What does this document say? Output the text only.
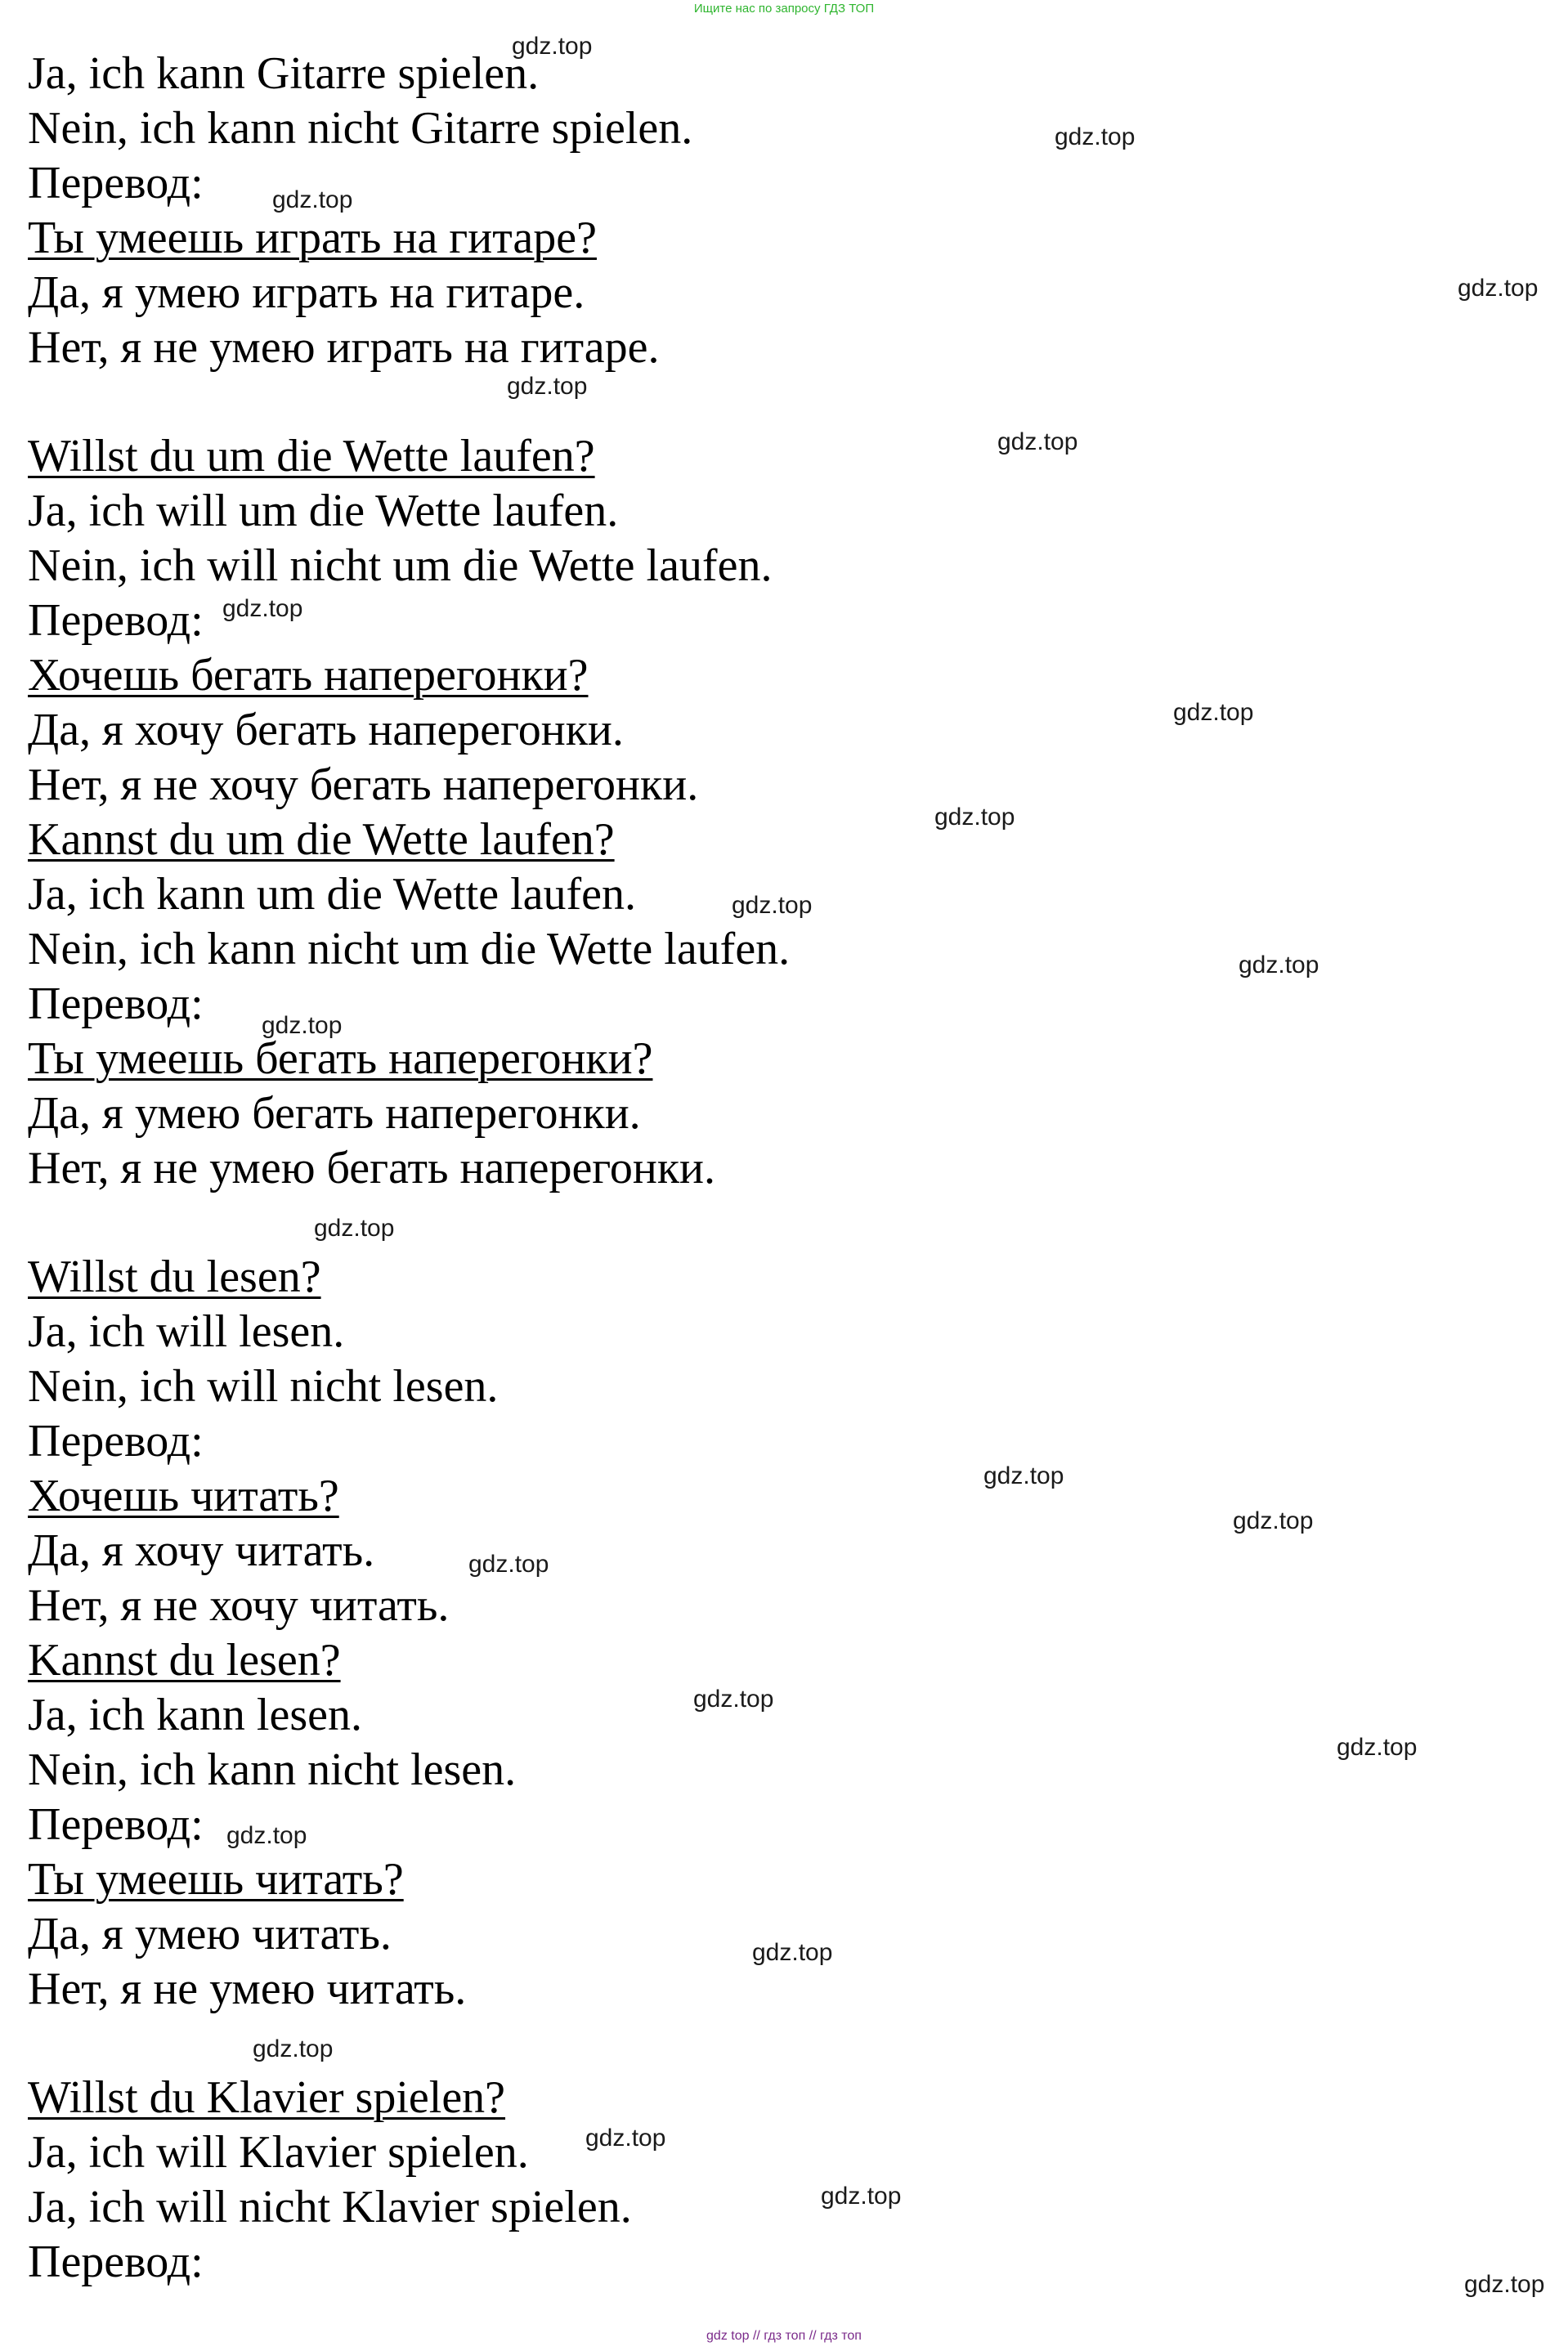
Ищите нас по запросу ГДЗ ТОП
Ja, ich kann Gitarre spielen.
Nein, ich kann nicht Gitarre spielen.
Перевод:
Ты умеешь играть на гитаре?
Да, я умею играть на гитаре.
Нет, я не умею играть на гитаре.
Willst du um die Wette laufen?
Ja, ich will um die Wette laufen.
Nein, ich will nicht um die Wette laufen.
Перевод:
Хочешь бегать наперегонки?
Да, я хочу бегать наперегонки.
Нет, я не хочу бегать наперегонки.
Kannst du um die Wette laufen?
Ja, ich kann um die Wette laufen.
Nein, ich kann nicht um die Wette laufen.
Перевод:
Ты умеешь бегать наперегонки?
Да, я умею бегать наперегонки.
Нет, я не умею бегать наперегонки.
Willst du lesen?
Ja, ich will lesen.
Nein, ich will nicht lesen.
Перевод:
Хочешь читать?
Да, я хочу читать.
Нет, я не хочу читать.
Kannst du lesen?
Ja, ich kann lesen.
Nein, ich kann nicht lesen.
Перевод:
Ты умеешь читать?
Да, я умею читать.
Нет, я не умею читать.
Willst du Klavier spielen?
Ja, ich will Klavier spielen.
Ja, ich will nicht Klavier spielen.
Перевод:
gdz.top
gdz.top
gdz.top
gdz.top
gdz.top
gdz.top
gdz.top
gdz.top
gdz.top
gdz.top
gdz.top
gdz.top
gdz.top
gdz.top
gdz.top
gdz.top
gdz.top
gdz.top
gdz.top
gdz.top
gdz.top
gdz.top
gdz.top
gdz.top
gdz top // гдз топ // гдз топ
